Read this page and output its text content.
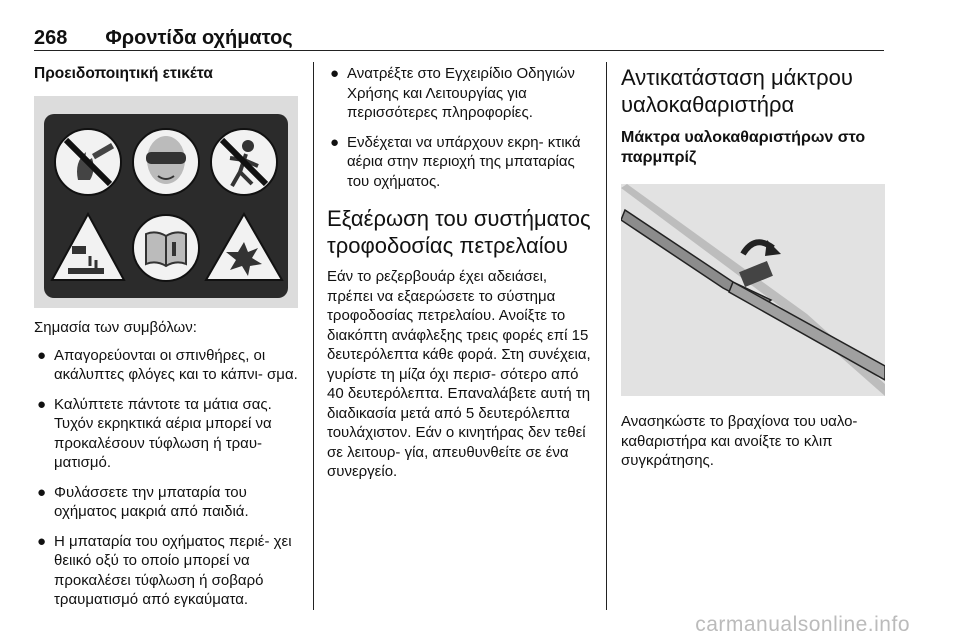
268 Φροντίδα οχήματος

Προειδοποιητική ετικέτα

Σημασία των συμβόλων:

● Απαγορεύονται οι σπινθήρες, οι ακάλυπτες φλόγες και το κάπνι- σμα.
● Καλύπτετε πάντοτε τα μάτια σας. Τυχόν εκρηκτικά αέρια μπορεί να προκαλέσουν τύφλωση ή τραυ- ματισμό.
● Φυλάσσετε την μπαταρία του οχήματος μακριά από παιδιά.
● Η μπαταρία του οχήματος περιέ- χει θειικό οξύ το οποίο μπορεί να προκαλέσει τύφλωση ή σοβαρό τραυματισμό από εγκαύματα.
● Ανατρέξτε στο Εγχειρίδιο Οδηγιών Χρήσης και Λειτουργίας για περισσότερες πληροφορίες.
● Ενδέχεται να υπάρχουν εκρη- κτικά αέρια στην περιοχή της μπαταρίας του οχήματος.
Εξαέρωση του συστήματος τροφοδοσίας πετρελαίου

Εάν το ρεζερβουάρ έχει αδειάσει, πρέπει να εξαερώσετε το σύστημα τροφοδοσίας πετρελαίου. Ανοίξτε το διακόπτη ανάφλεξης τρεις φορές επί 15 δευτερόλεπτα κάθε φορά. Στη συνέχεια, γυρίστε τη μίζα όχι περισ- σότερο από 40 δευτερόλεπτα. Επαναλάβετε αυτή τη διαδικασία μετά από 5 δευτερόλεπτα τουλάχιστον. Εάν ο κινητήρας δεν τεθεί σε λειτουρ- γία, απευθυνθείτε σε ένα συνεργείο.

Αντικατάσταση μάκτρου υαλοκαθαριστήρα
Μάκτρα υαλοκαθαριστήρων στο παρμπρίζ

Ανασηκώστε το βραχίονα του υαλο- καθαριστήρα και ανοίξτε το κλιπ συγκράτησης.

carmanualsonline.info
